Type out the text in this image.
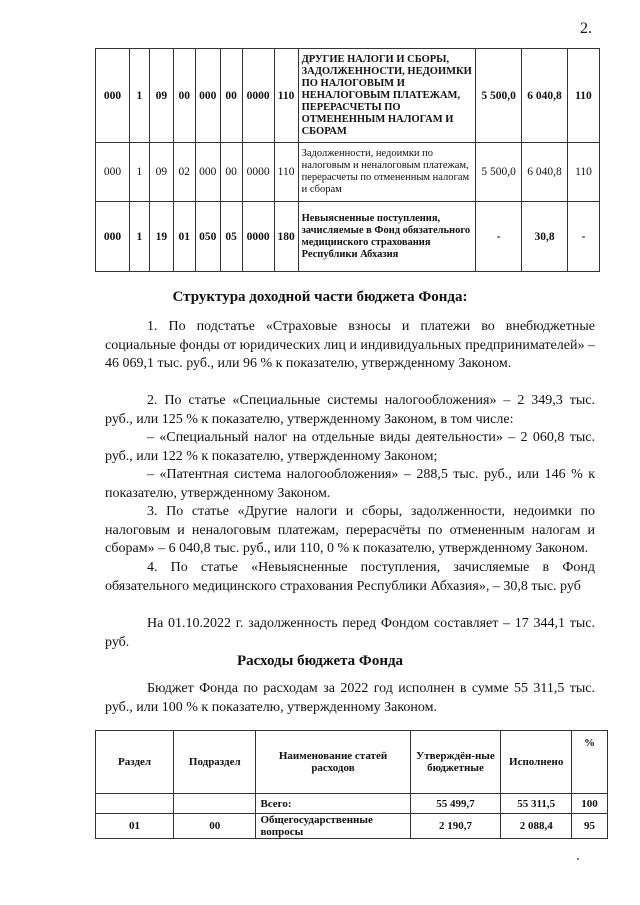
2.
000	1	09	00	000	00	0000	110	ДРУГИЕ НАЛОГИ И СБОРЫ, ЗАДОЛЖЕННОСТИ, НЕДОИМКИ ПО НАЛОГОВЫМ И НЕНАЛОГОВЫМ ПЛАТЕЖАМ, ПЕРЕРАСЧЕТЫ ПО ОТМЕНЕННЫМ НАЛОГАМ И СБОРАМ	5 500,0	6 040,8	110
000	1	09	02	000	00	0000	110	Задолженности, недоимки по налоговым и неналоговым платежам, перерасчеты по отмененным налогам и сборам	5 500,0	6 040,8	110
000	1	19	01	050	05	0000	180	Невыясненные поступления, зачисляемые в Фонд обязательного медицинского страхования Республики Абхазия	-	30,8	-
Структура доходной части бюджета Фонда:

1. По подстатье «Страховые взносы и платежи во внебюджетные социальные фонды от юридических лиц и индивидуальных предпринимателей» – 46 069,1 тыс. руб., или 96 % к показателю, утвержденному Законом.

2. По статье «Специальные системы налогообложения» – 2 349,3 тыс. руб., или 125 % к показателю, утвержденному Законом, в том числе:

– «Специальный налог на отдельные виды деятельности» – 2 060,8 тыс. руб., или 122 % к показателю, утвержденному Законом;

– «Патентная система налогообложения» – 288,5 тыс. руб., или 146 % к показателю, утвержденному Законом.

3. По статье «Другие налоги и сборы, задолженности, недоимки по налоговым и неналоговым платежам, перерасчёты по отмененным налогам и сборам» – 6 040,8 тыс. руб., или 110, 0 % к показателю, утвержденному Законом.

4. По статье «Невыясненные поступления, зачисляемые в Фонд обязательного медицинского страхования Республики Абхазия», – 30,8 тыс. руб

На 01.10.2022 г. задолженность перед Фондом составляет – 17 344,1 тыс. руб.

Расходы бюджета Фонда

Бюджет Фонда по расходам за 2022 год исполнен в сумме 55 311,5 тыс. руб., или 100 % к показателю, утвержденному Законом.

Раздел	Подраздел	Наименование статей расходов	Утверждён-ные бюджетные	Исполнено	%
		Всего:	55 499,7	55 311,5	100
01	00	Общегосударственные вопросы	2 190,7	2 088,4	95
